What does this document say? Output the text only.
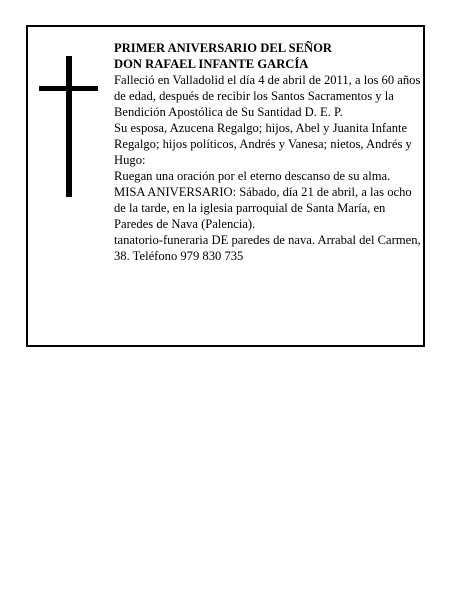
PRIMER ANIVERSARIO DEL SEÑOR
DON RAFAEL INFANTE GARCÍA

Falleció en Valladolid el día 4 de abril de 2011, a los 60 años de edad, después de recibir los Santos Sacramentos y la Bendición Apostólica de Su Santidad D. E. P.

Su esposa, Azucena Regalgo; hijos, Abel y Juanita Infante Regalgo; hijos políticos, Andrés y Vanesa; nietos, Andrés y Hugo:

Ruegan una oración por el eterno descanso de su alma.

MISA ANIVERSARIO: Sábado, día 21 de abril, a las ocho de la tarde, en la iglesia parroquial de Santa María, en Paredes de Nava (Palencia).

tanatorio-funeraria DE paredes de nava. Arrabal del Carmen, 38. Teléfono 979 830 735
